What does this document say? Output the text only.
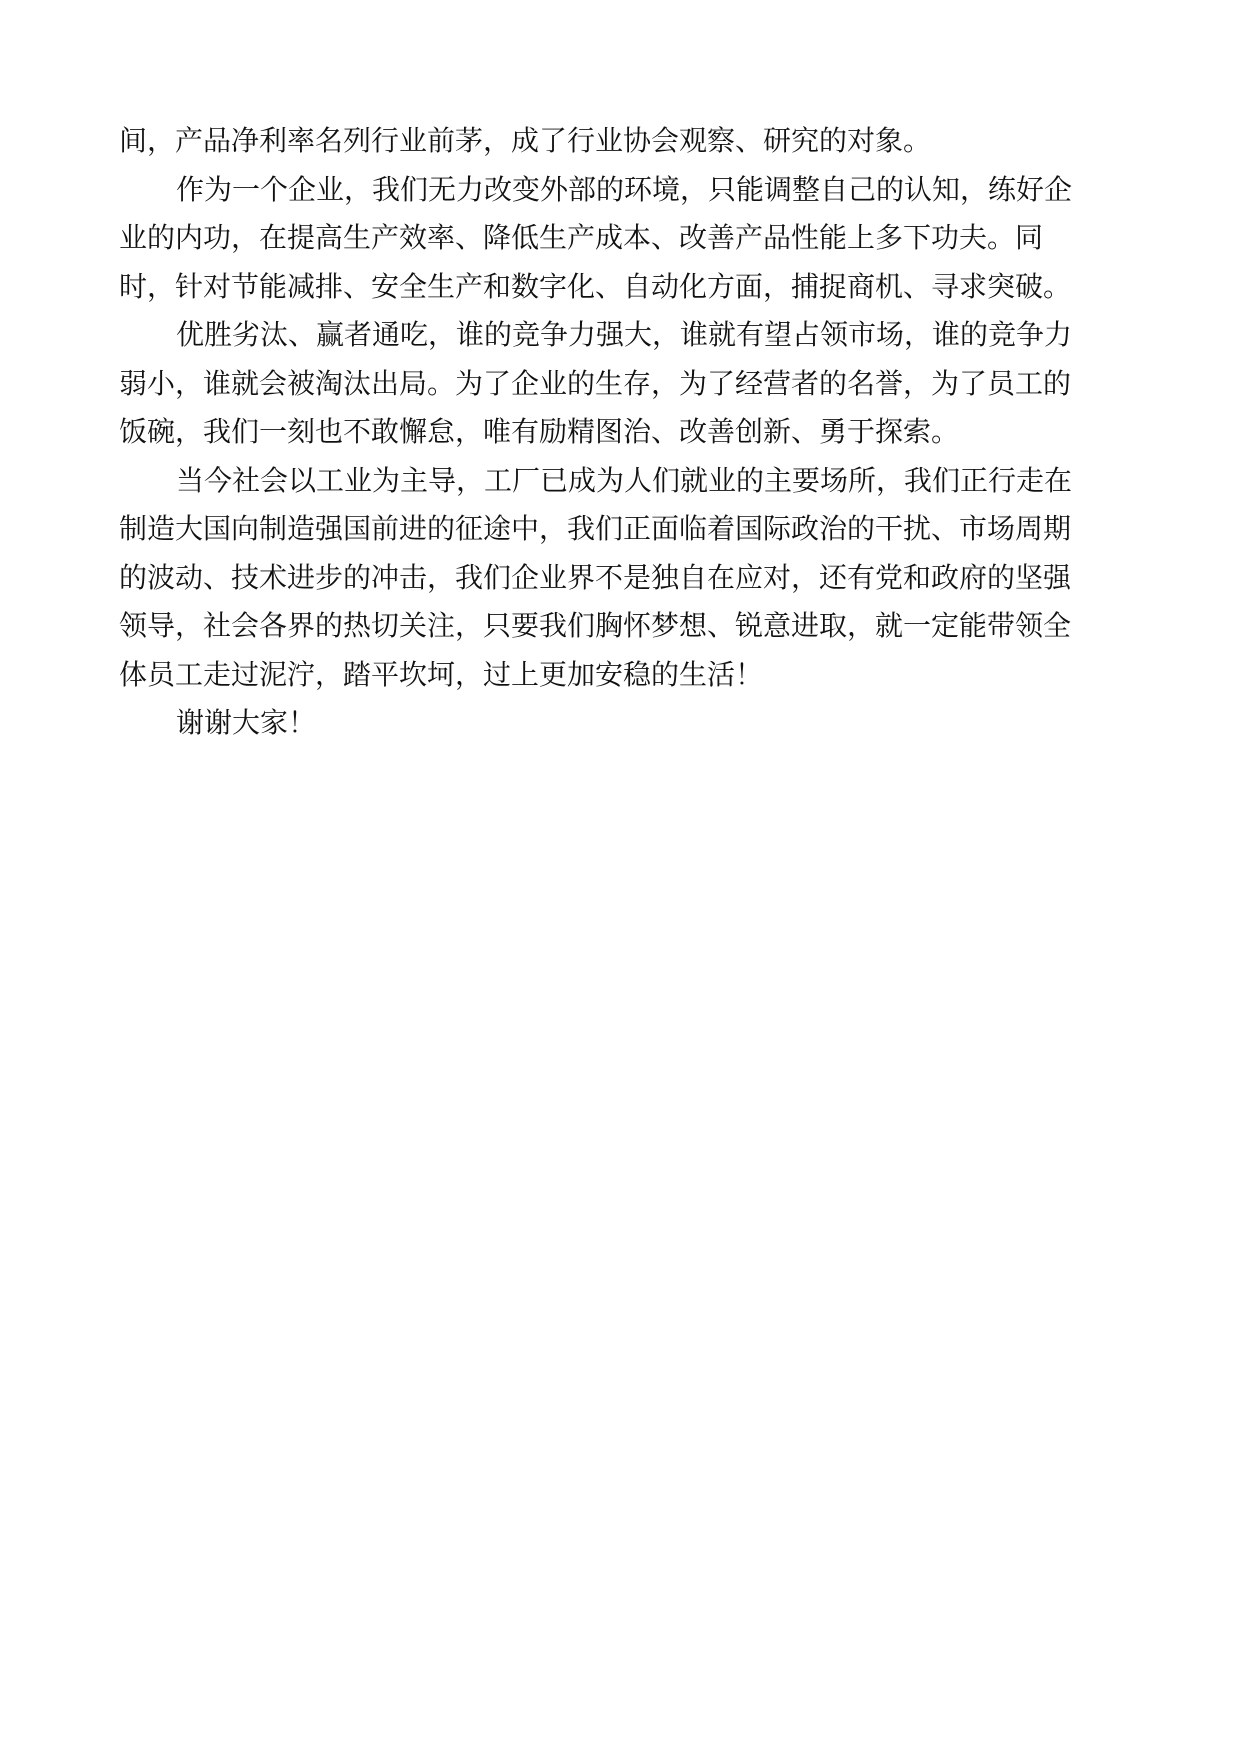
间，产品净利率名列行业前茅，成了行业协会观察、研究的对象。
作为一个企业，我们无力改变外部的环境，只能调整自己的认知，练好企
业的内功，在提高生产效率、降低生产成本、改善产品性能上多下功夫。同
时，针对节能减排、安全生产和数字化、自动化方面，捕捉商机、寻求突破。
优胜劣汰、赢者通吃，谁的竞争力强大，谁就有望占领市场，谁的竞争力
弱小，谁就会被淘汰出局。为了企业的生存，为了经营者的名誉，为了员工的
饭碗，我们一刻也不敢懈怠，唯有励精图治、改善创新、勇于探索。
当今社会以工业为主导，工厂已成为人们就业的主要场所，我们正行走在
制造大国向制造强国前进的征途中，我们正面临着国际政治的干扰、市场周期
的波动、技术进步的冲击，我们企业界不是独自在应对，还有党和政府的坚强
领导，社会各界的热切关注，只要我们胸怀梦想、锐意进取，就一定能带领全
体员工走过泥泞，踏平坎坷，过上更加安稳的生活！
谢谢大家！
